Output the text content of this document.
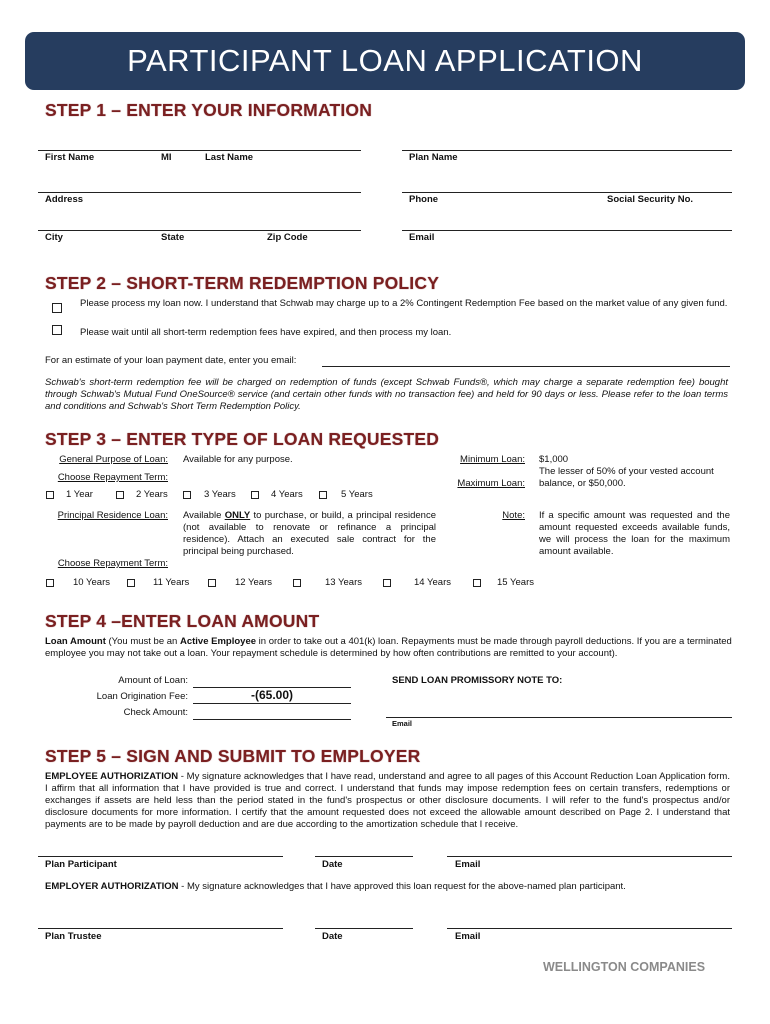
PARTICIPANT LOAN APPLICATION
STEP 1 – ENTER YOUR INFORMATION
First Name	MI	Last Name	Plan Name
Address	Phone	Social Security No.
City	State	Zip Code	Email
STEP 2 – SHORT-TERM REDEMPTION POLICY
Please process my loan now. I understand that Schwab may charge up to a 2% Contingent Redemption Fee based on the market value of any given fund.
Please wait until all short-term redemption fees have expired, and then process my loan.
For an estimate of your loan payment date, enter you email:
Schwab's short-term redemption fee will be charged on redemption of funds (except Schwab Funds®, which may charge a separate redemption fee) bought through Schwab's Mutual Fund OneSource® service (and certain other funds with no transaction fee) and held for 90 days or less. Please refer to the loan terms and conditions and Schwab's Short Term Redemption Policy.
STEP 3 – ENTER TYPE OF LOAN REQUESTED
General Purpose of Loan: Available for any purpose.
Choose Repayment Term:
Minimum Loan: $1,000
Maximum Loan:
The lesser of 50% of your vested account balance, or $50,000.
1 Year	2 Years	3 Years	4 Years	5 Years
Principal Residence Loan: Available ONLY to purchase, or build, a principal residence (not available to renovate or refinance a principal residence). Attach an executed sale contract for the principal being purchased.
Note: If a specific amount was requested and the amount requested exceeds available funds, we will process the loan for the maximum amount available.
Choose Repayment Term:
10 Years	11 Years	12 Years	13 Years	14 Years	15 Years
STEP 4 –ENTER LOAN AMOUNT
Loan Amount (You must be an Active Employee in order to take out a 401(k) loan. Repayments must be made through payroll deductions. If you are a terminated employee you may not take out a loan. Your repayment schedule is determined by how often contributions are remitted to your account).
Amount of Loan:
Loan Origination Fee:	-(65.00)
Check Amount:
SEND LOAN PROMISSORY NOTE TO:
Email
STEP 5 – SIGN AND SUBMIT TO EMPLOYER
EMPLOYEE AUTHORIZATION - My signature acknowledges that I have read, understand and agree to all pages of this Account Reduction Loan Application form. I affirm that all information that I have provided is true and correct. I understand that funds may impose redemption fees on certain transfers, redemptions or exchanges if assets are held less than the period stated in the fund's prospectus or other disclosure documents. I will refer to the fund's prospectus and/or disclosure documents for more information. I certify that the amount requested does not exceed the allowable amount described on Page 2. I understand that payments are to be made by payroll deduction and are due according to the amortization schedule that I receive.
Plan Participant	Date	Email
EMPLOYER AUTHORIZATION - My signature acknowledges that I have approved this loan request for the above-named plan participant.
Plan Trustee	Date	Email
WELLINGTON COMPANIES
